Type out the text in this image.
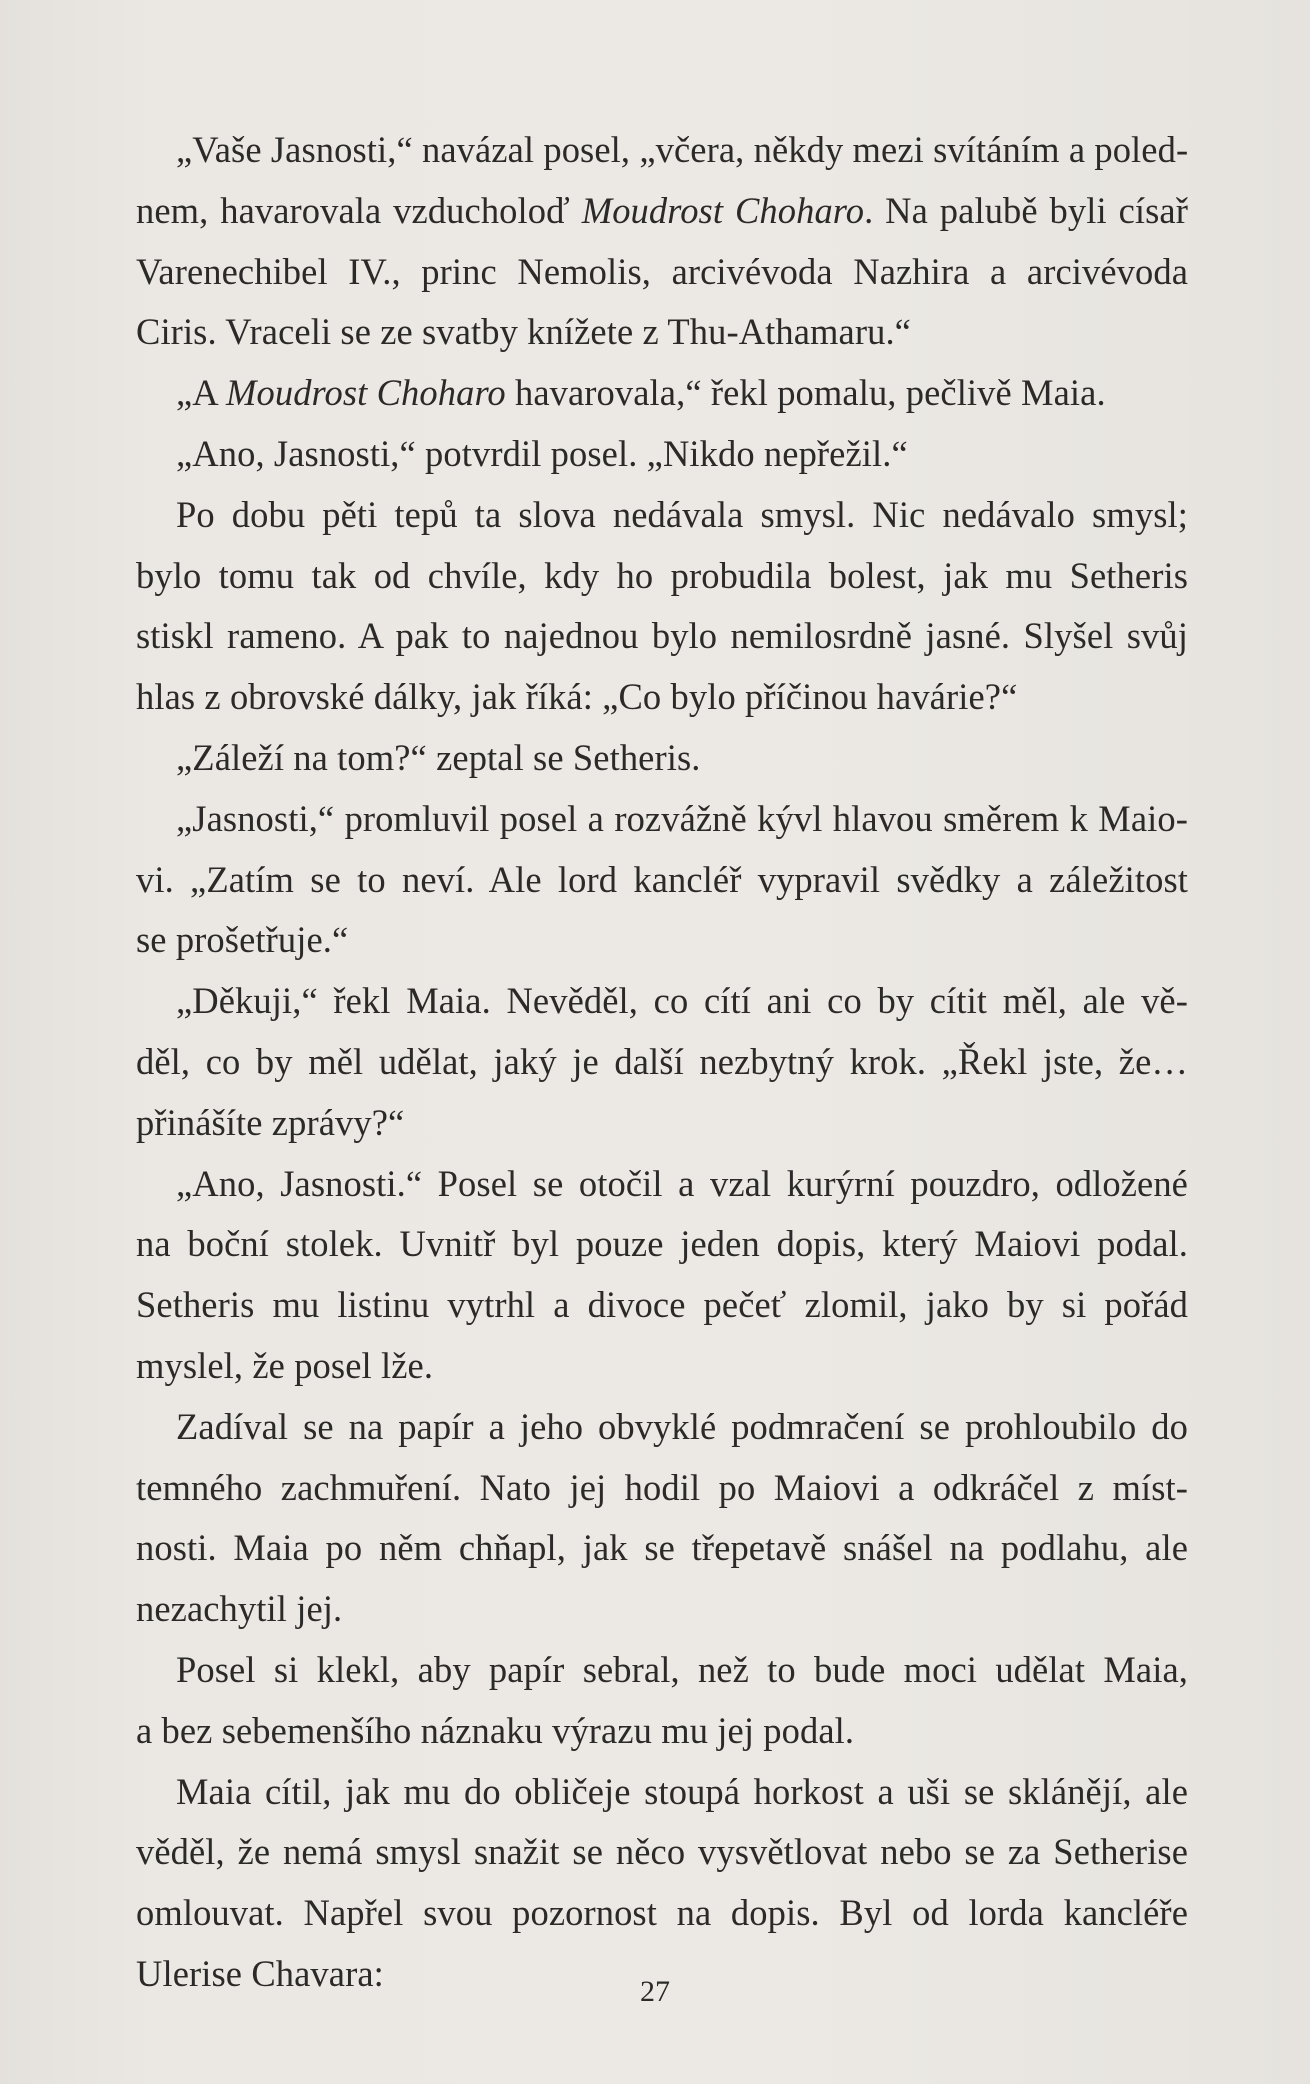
„Vaše Jasnosti,“ navázal posel, „včera, někdy mezi svítáním a poled-
nem, havarovala vzducholoď Moudrost Choharo. Na palubě byli císař
Varenechibel IV., princ Nemolis, arcivévoda Nazhira a arcivévoda
Ciris. Vraceli se ze svatby knížete z Thu-Athamaru.“
„A Moudrost Choharo havarovala,“ řekl pomalu, pečlivě Maia.
„Ano, Jasnosti,“ potvrdil posel. „Nikdo nepřežil.“
Po dobu pěti tepů ta slova nedávala smysl. Nic nedávalo smysl;
bylo tomu tak od chvíle, kdy ho probudila bolest, jak mu Setheris
stiskl rameno. A pak to najednou bylo nemilosrdně jasné. Slyšel svůj
hlas z obrovské dálky, jak říká: „Co bylo příčinou havárie?“
„Záleží na tom?“ zeptal se Setheris.
„Jasnosti,“ promluvil posel a rozvážně kývl hlavou směrem k Maio-
vi. „Zatím se to neví. Ale lord kancléř vypravil svědky a záležitost
se prošetřuje.“
„Děkuji,“ řekl Maia. Nevěděl, co cítí ani co by cítit měl, ale vě-
děl, co by měl udělat, jaký je další nezbytný krok. „Řekl jste, že…
přinášíte zprávy?“
„Ano, Jasnosti.“ Posel se otočil a vzal kurýrní pouzdro, odložené
na boční stolek. Uvnitř byl pouze jeden dopis, který Maiovi podal.
Setheris mu listinu vytrhl a divoce pečeť zlomil, jako by si pořád
myslel, že posel lže.
Zadíval se na papír a jeho obvyklé podmračení se prohloubilo do
temného zachmuření. Nato jej hodil po Maiovi a odkráčel z míst-
nosti. Maia po něm chňapl, jak se třepetavě snášel na podlahu, ale
nezachytil jej.
Posel si klekl, aby papír sebral, než to bude moci udělat Maia,
a bez sebemenšího náznaku výrazu mu jej podal.
Maia cítil, jak mu do obličeje stoupá horkost a uši se sklánějí, ale
věděl, že nemá smysl snažit se něco vysvětlovat nebo se za Setherise
omlouvat. Napřel svou pozornost na dopis. Byl od lorda kancléře
Ulerise Chavara:	27
